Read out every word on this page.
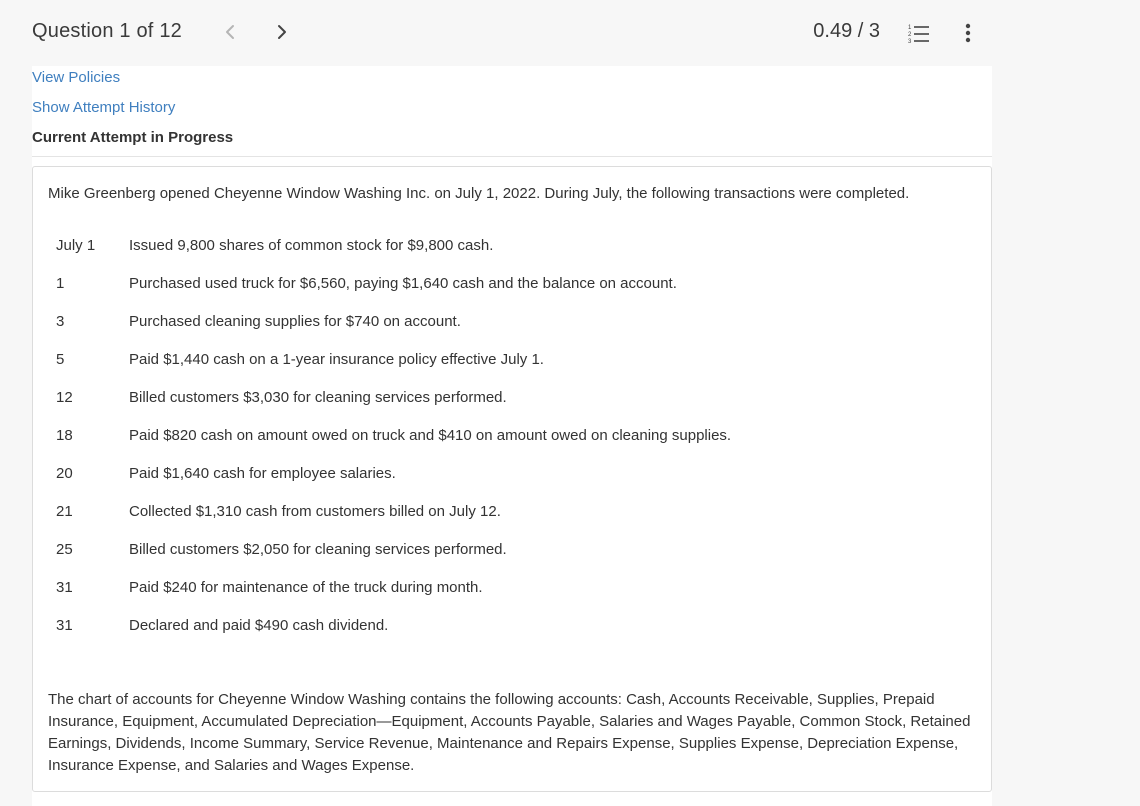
Question 1 of 12	0.49 / 3	1
2
3
View Policies
Show Attempt History
Current Attempt in Progress
Mike Greenberg opened Cheyenne Window Washing Inc. on July 1, 2022. During July, the following transactions were completed.
July 1 Issued 9,800 shares of common stock for $9,800 cash.
1	Purchased used truck for $6,560, paying $1,640 cash and the balance on account.
3	Purchased cleaning supplies for $740 on account.
5	Paid $1,440 cash on a 1-year insurance policy effective July 1.
12	Billed customers $3,030 for cleaning services performed.
18	Paid $820 cash on amount owed on truck and $410 on amount owed on cleaning supplies.
20	Paid $1,640 cash for employee salaries.
21	Collected $1,310 cash from customers billed on July 12.
25	Billed customers $2,050 for cleaning services performed.
31	Paid $240 for maintenance of the truck during month.
31	Declared and paid $490 cash dividend.
The chart of accounts for Cheyenne Window Washing contains the following accounts: Cash, Accounts Receivable, Supplies, Prepaid Insurance, Equipment, Accumulated Depreciation—Equipment, Accounts Payable, Salaries and Wages Payable, Common Stock, Retained Earnings, Dividends, Income Summary, Service Revenue, Maintenance and Repairs Expense, Supplies Expense, Depreciation Expense, Insurance Expense, and Salaries and Wages Expense.
